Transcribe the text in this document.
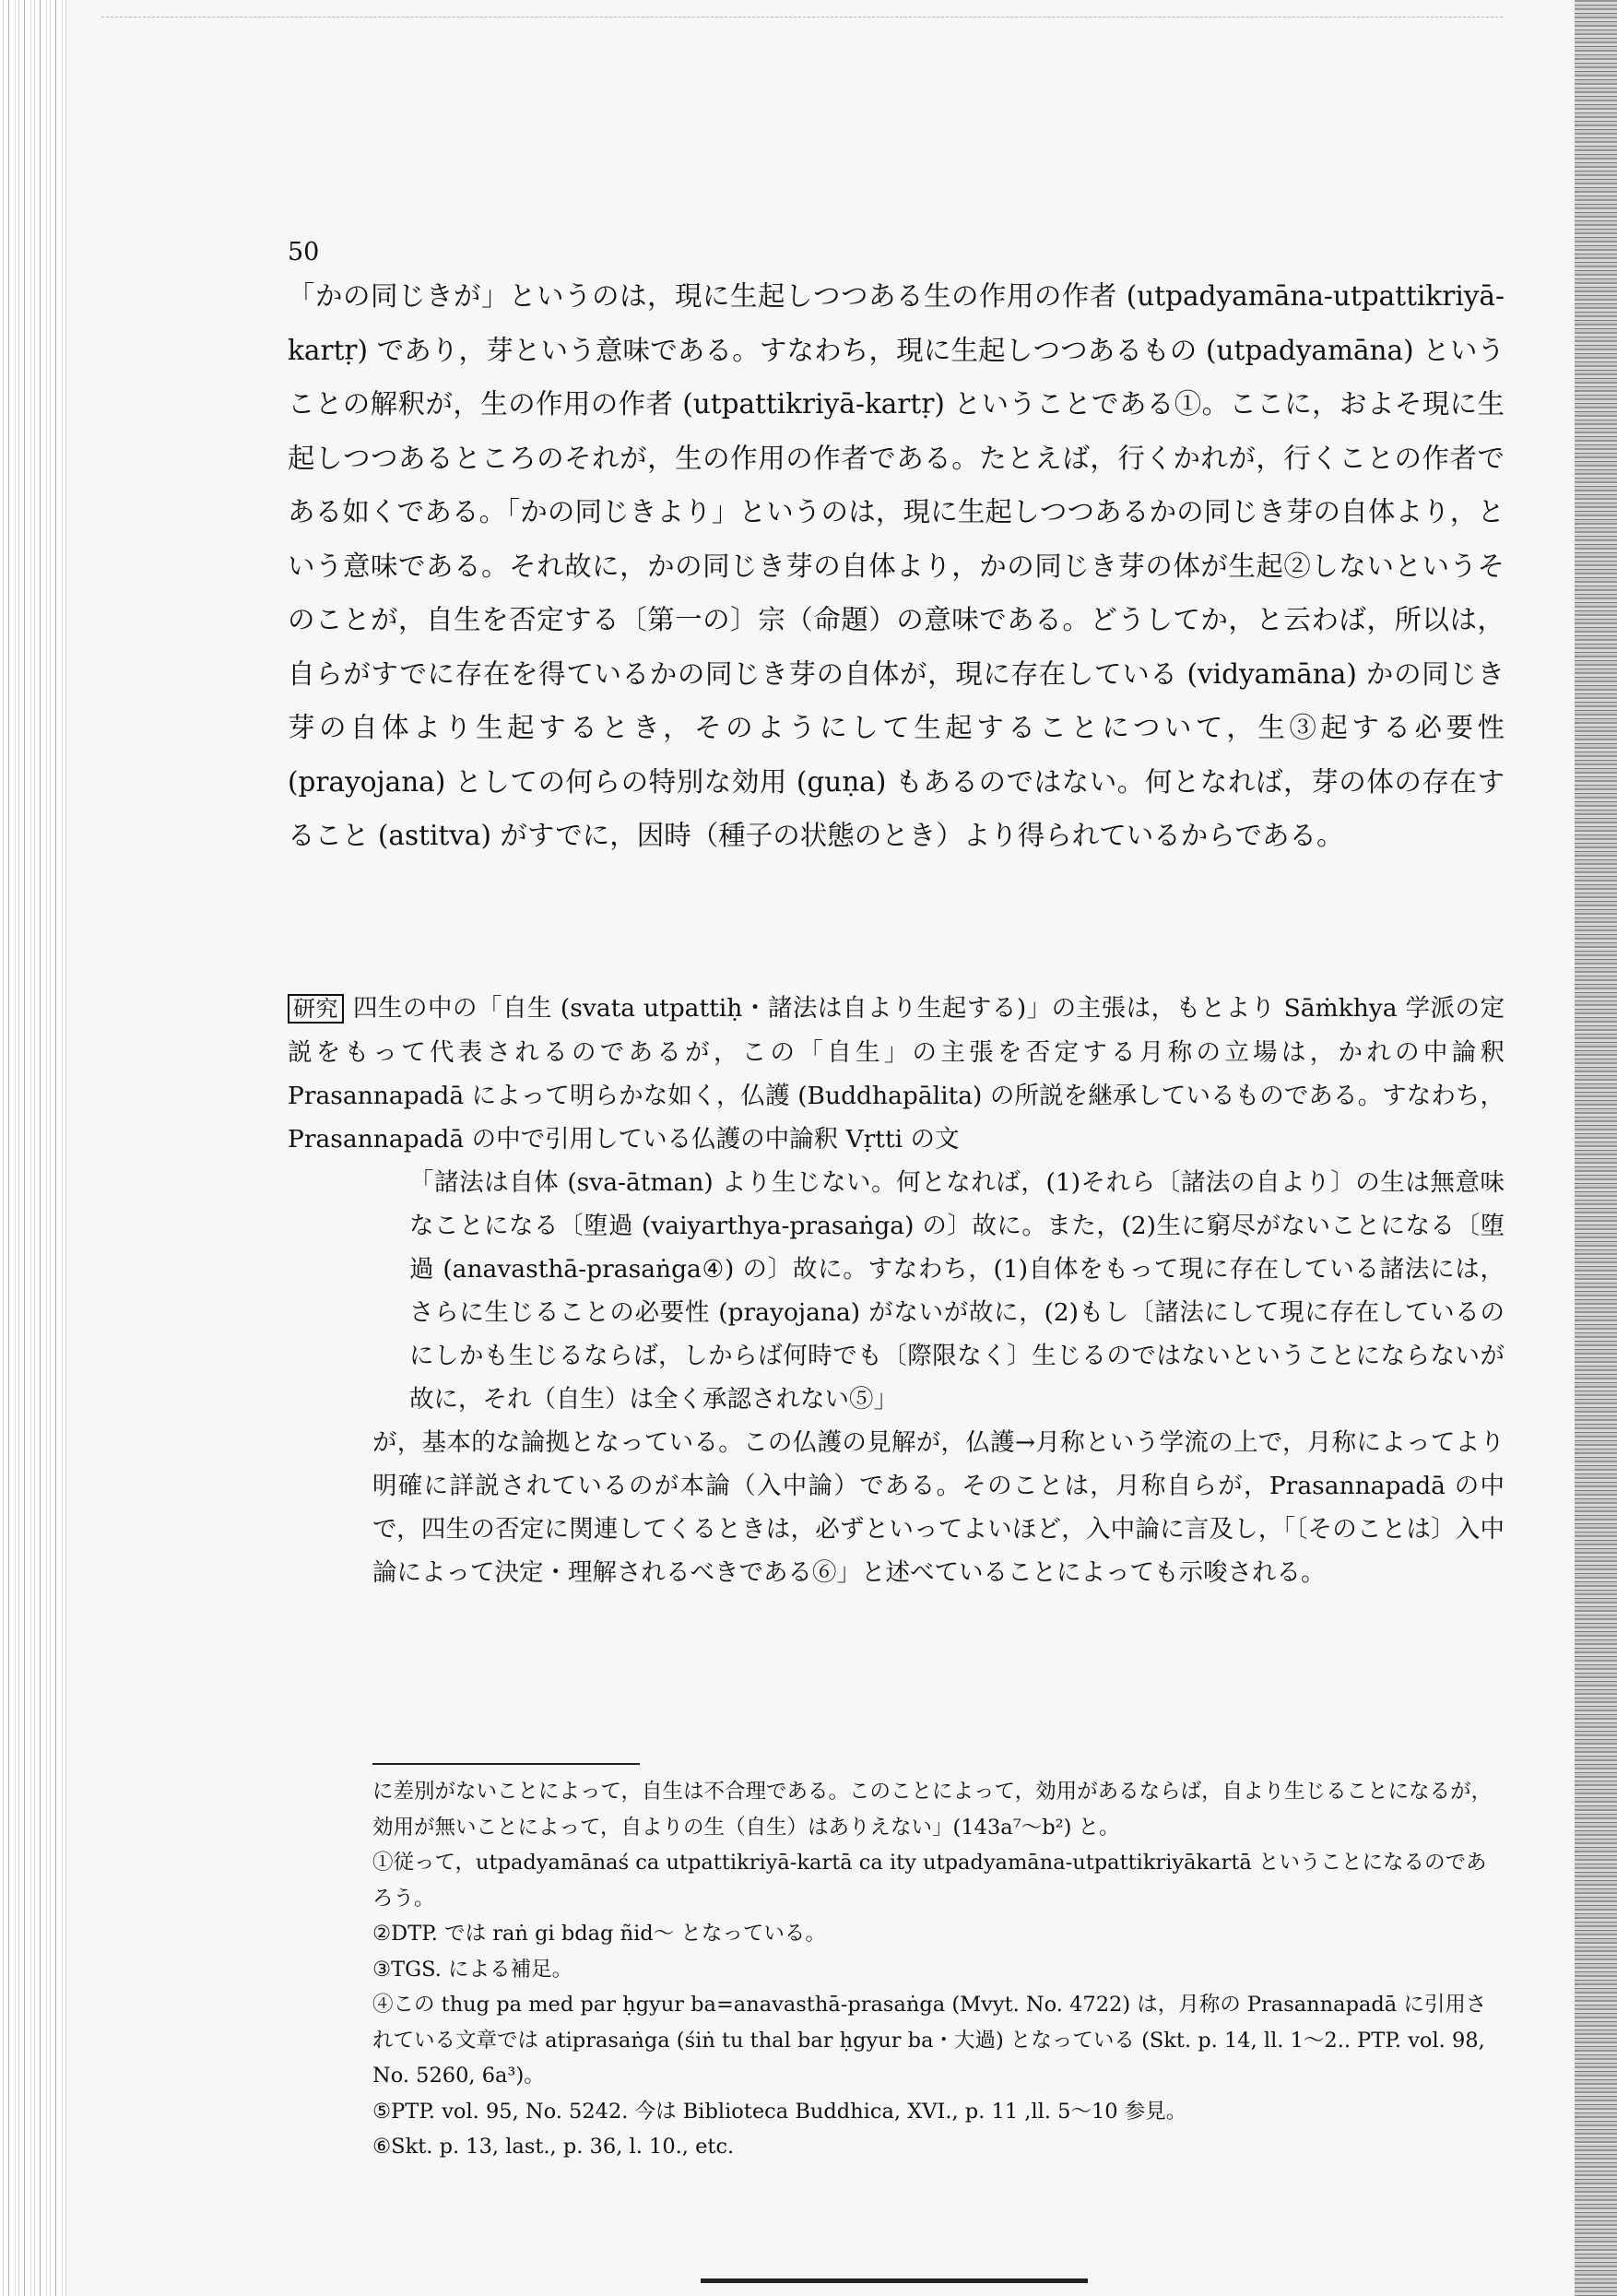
50

「かの同じきが」というのは，現に生起しつつある生の作用の作者 (utpadyamāna-utpattikriyā-kartṛ) であり，芽という意味である。すなわち，現に生起しつつあるもの (utpadyamāna) ということの解釈が，生の作用の作者 (utpattikriyā-kartṛ) ということである①。ここに，およそ現に生起しつつあるところのそれが，生の作用の作者である。たとえば，行くかれが，行くことの作者である如くである。「かの同じきより」というのは，現に生起しつつあるかの同じき芽の自体より，という意味である。それ故に，かの同じき芽の自体より，かの同じき芽の体が生起②しないというそのことが，自生を否定する〔第一の〕宗（命題）の意味である。どうしてか，と云わば，所以は，自らがすでに存在を得ているかの同じき芽の自体が，現に存在している (vidyamāna) かの同じき芽の自体より生起するとき，そのようにして生起することについて，生③起する必要性 (prayojana) としての何らの特別な効用 (guṇa) もあるのではない。何となれば，芽の体の存在すること (astitva) がすでに，因時（種子の状態のとき）より得られているからである。

研究 四生の中の「自生 (svata utpattiḥ・諸法は自より生起する)」の主張は，もとより Sāṁkhya 学派の定説をもって代表されるのであるが，この「自生」の主張を否定する月称の立場は，かれの中論釈 Prasannapadā によって明らかな如く，仏護 (Buddhapālita) の所説を継承しているものである。すなわち，Prasannapadā の中で引用している仏護の中論釈 Vṛtti の文

「諸法は自体 (sva-ātman) より生じない。何となれば，(1)それら〔諸法の自より〕の生は無意味なことになる〔堕過 (vaiyarthya-prasaṅga) の〕故に。また，(2)生に窮尽がないことになる〔堕過 (anavasthā-prasaṅga④) の〕故に。すなわち，(1)自体をもって現に存在している諸法には，さらに生じることの必要性 (prayojana) がないが故に，(2)もし〔諸法にして現に存在しているのにしかも生じるならば，しからば何時でも〔際限なく〕生じるのではないということにならないが故に，それ（自生）は全く承認されない⑤」

が，基本的な論拠となっている。この仏護の見解が，仏護→月称という学流の上で，月称によってより明確に詳説されているのが本論（入中論）である。そのことは，月称自らが，Prasannapadā の中で，四生の否定に関連してくるときは，必ずといってよいほど，入中論に言及し，「〔そのことは〕入中論によって決定・理解されるべきである⑥」と述べていることによっても示唆される。

に差別がないことによって，自生は不合理である。このことによって，効用があるならば，自より生じることになるが，効用が無いことによって，自よりの生（自生）はありえない」(143a⁷～b²) と。

①従って，utpadyamānaś ca utpattikriyā-kartā ca ity utpadyamāna-utpattikriyākartā ということになるのであろう。

②DTP. では raṅ gi bdag ñid～ となっている。

③TGS. による補足。

④この thug pa med par ḥgyur ba=anavasthā-prasaṅga (Mvyt. No. 4722) は，月称の Prasannapadā に引用されている文章では atiprasaṅga (śiṅ tu thal bar ḥgyur ba・大過) となっている (Skt. p. 14, ll. 1～2.. PTP. vol. 98, No. 5260, 6a³)。

⑤PTP. vol. 95, No. 5242. 今は Biblioteca Buddhica, XVI., p. 11 ,ll. 5～10 参見。

⑥Skt. p. 13, last., p. 36, l. 10., etc.
